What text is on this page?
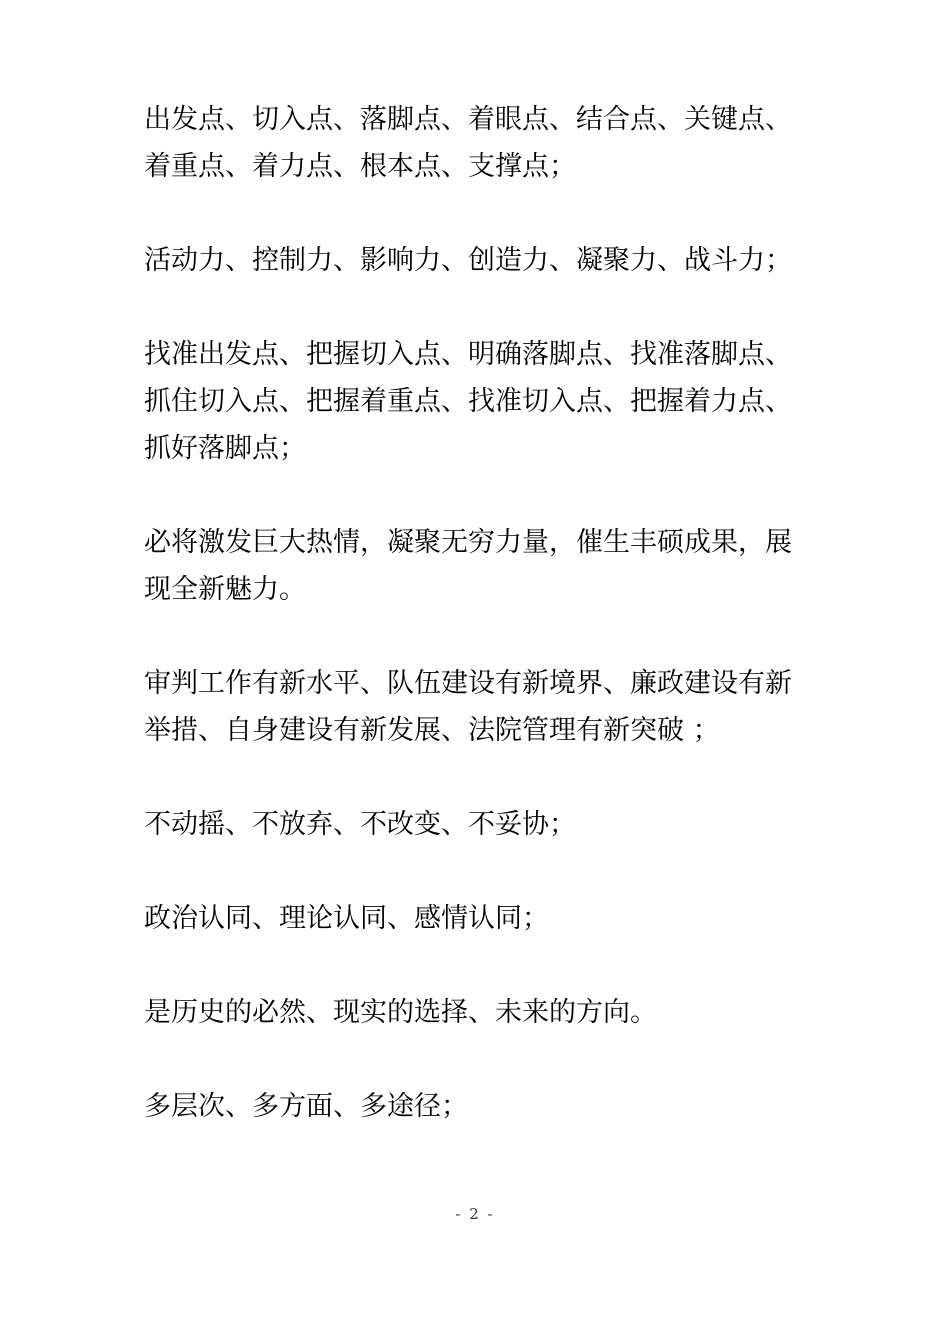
出发点、切入点、落脚点、着眼点、结合点、关键点、着重点、着力点、根本点、支撑点；

活动力、控制力、影响力、创造力、凝聚力、战斗力；

找准出发点、把握切入点、明确落脚点、找准落脚点、抓住切入点、把握着重点、找准切入点、把握着力点、抓好落脚点；

必将激发巨大热情，凝聚无穷力量，催生丰硕成果，展现全新魅力。

审判工作有新水平、队伍建设有新境界、廉政建设有新举措、自身建设有新发展、法院管理有新突破 ；

不动摇、不放弃、不改变、不妥协；

政治认同、理论认同、感情认同；

是历史的必然、现实的选择、未来的方向。

多层次、多方面、多途径；

- 2 -
